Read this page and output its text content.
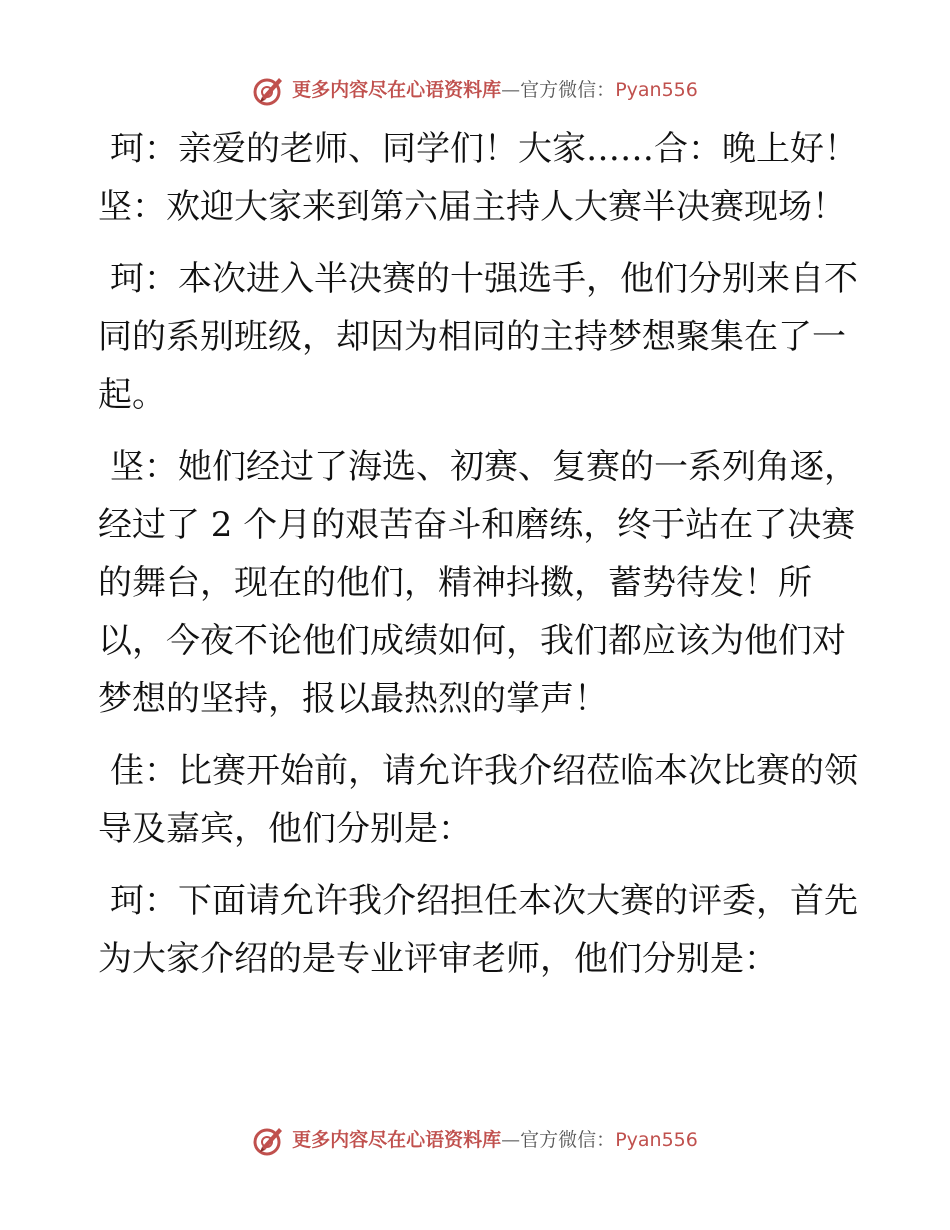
更多内容尽在心语资料库—官方微信：Pyan556

珂：亲爱的老师、同学们！大家……合：晚上好！

坚：欢迎大家来到第六届主持人大赛半决赛现场！

珂：本次进入半决赛的十强选手，他们分别来自不同的系别班级，却因为相同的主持梦想聚集在了一起。

坚：她们经过了海选、初赛、复赛的一系列角逐，经过了 2 个月的艰苦奋斗和磨练，终于站在了决赛的舞台，现在的他们，精神抖擞，蓄势待发！所以，今夜不论他们成绩如何，我们都应该为他们对梦想的坚持，报以最热烈的掌声！

佳：比赛开始前，请允许我介绍莅临本次比赛的领导及嘉宾，他们分别是：

珂：下面请允许我介绍担任本次大赛的评委，首先为大家介绍的是专业评审老师，他们分别是：

更多内容尽在心语资料库—官方微信：Pyan556
